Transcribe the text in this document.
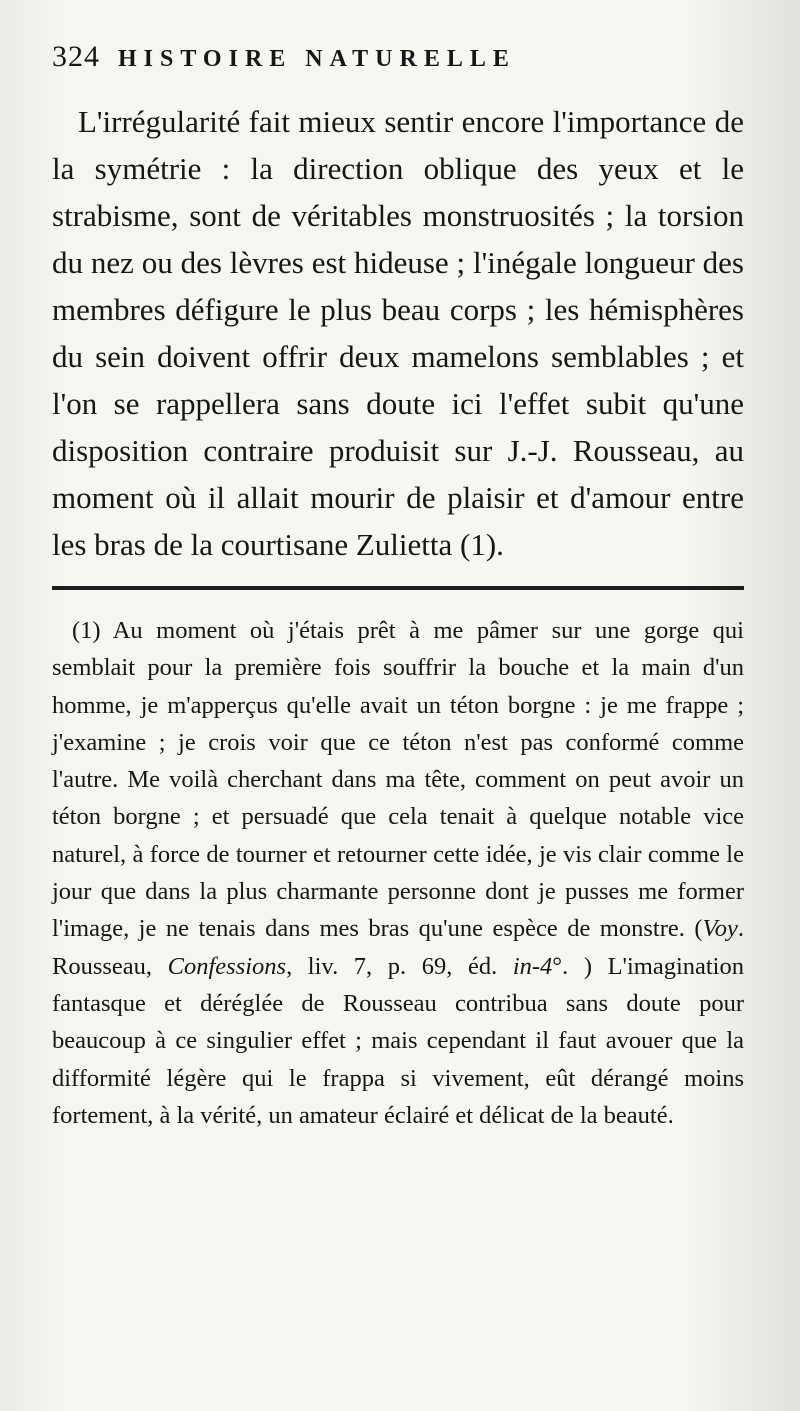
324 HISTOIRE NATURELLE

L'irrégularité fait mieux sentir encore l'importance de la symétrie : la direction oblique des yeux et le strabisme, sont de véritables monstruosités ; la torsion du nez ou des lèvres est hideuse ; l'inégale longueur des membres défigure le plus beau corps ; les hémisphères du sein doivent offrir deux mamelons semblables ; et l'on se rappellera sans doute ici l'effet subit qu'une disposition contraire produisit sur J.-J. Rousseau, au moment où il allait mourir de plaisir et d'amour entre les bras de la courtisane Zulietta (1).

(1) Au moment où j'étais prêt à me pâmer sur une gorge qui semblait pour la première fois souffrir la bouche et la main d'un homme, je m'apperçus qu'elle avait un téton borgne : je me frappe ; j'examine ; je crois voir que ce téton n'est pas conformé comme l'autre. Me voilà cherchant dans ma tête, comment on peut avoir un téton borgne ; et persuadé que cela tenait à quelque notable vice naturel, à force de tourner et retourner cette idée, je vis clair comme le jour que dans la plus charmante personne dont je pusses me former l'image, je ne tenais dans mes bras qu'une espèce de monstre. (Voy. Rousseau, Confessions, liv. 7, p. 69, éd. in-4°. ) L'imagination fantasque et déréglée de Rousseau contribua sans doute pour beaucoup à ce singulier effet ; mais cependant il faut avouer que la difformité légère qui le frappa si vivement, eût dérangé moins fortement, à la vérité, un amateur éclairé et délicat de la beauté.
